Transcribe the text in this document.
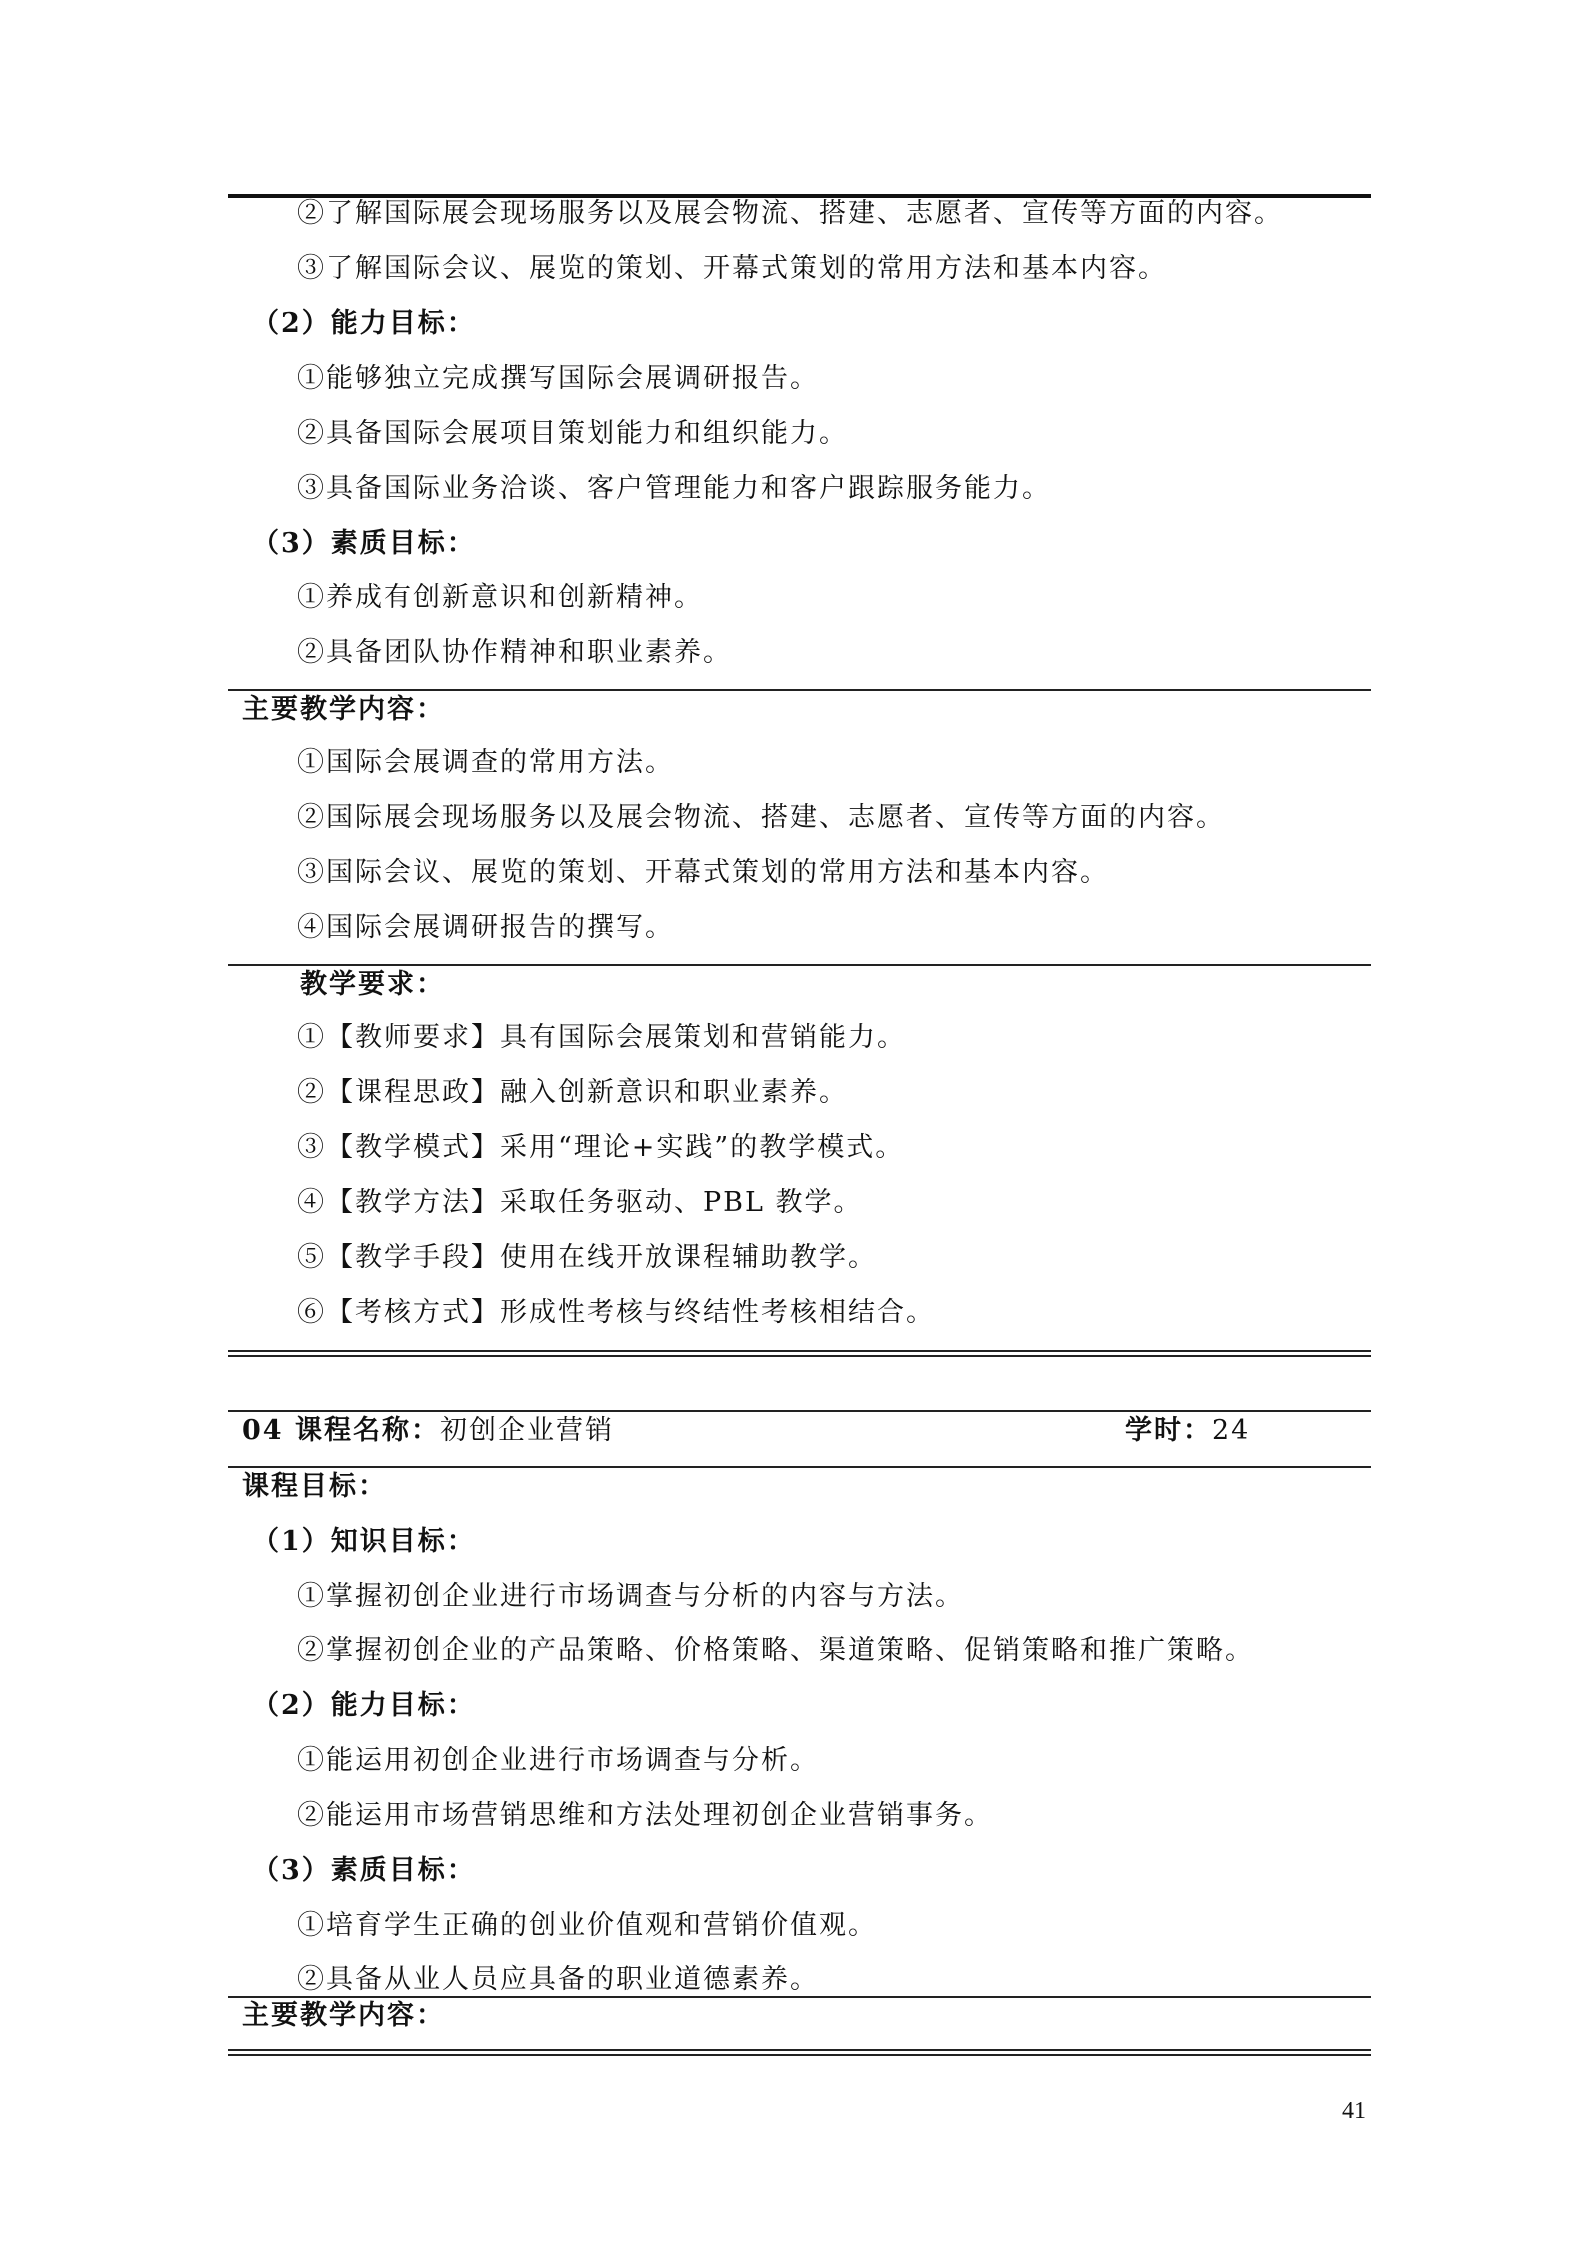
②了解国际展会现场服务以及展会物流、搭建、志愿者、宣传等方面的内容。
③了解国际会议、展览的策划、开幕式策划的常用方法和基本内容。
（2）能力目标：
①能够独立完成撰写国际会展调研报告。
②具备国际会展项目策划能力和组织能力。
③具备国际业务洽谈、客户管理能力和客户跟踪服务能力。
（3）素质目标：
①养成有创新意识和创新精神。
②具备团队协作精神和职业素养。
主要教学内容：
①国际会展调查的常用方法。
②国际展会现场服务以及展会物流、搭建、志愿者、宣传等方面的内容。
③国际会议、展览的策划、开幕式策划的常用方法和基本内容。
④国际会展调研报告的撰写。
教学要求：
①【教师要求】具有国际会展策划和营销能力。
②【课程思政】融入创新意识和职业素养。
③【教学模式】采用“理论+实践”的教学模式。
④【教学方法】采取任务驱动、PBL 教学。
⑤【教学手段】使用在线开放课程辅助教学。
⑥【考核方式】形成性考核与终结性考核相结合。
04 课程名称：初创企业营销	学时：24
课程目标：
（1）知识目标：
①掌握初创企业进行市场调查与分析的内容与方法。
②掌握初创企业的产品策略、价格策略、渠道策略、促销策略和推广策略。
（2）能力目标：
①能运用初创企业进行市场调查与分析。
②能运用市场营销思维和方法处理初创企业营销事务。
（3）素质目标：
①培育学生正确的创业价值观和营销价值观。
②具备从业人员应具备的职业道德素养。
主要教学内容：
41
